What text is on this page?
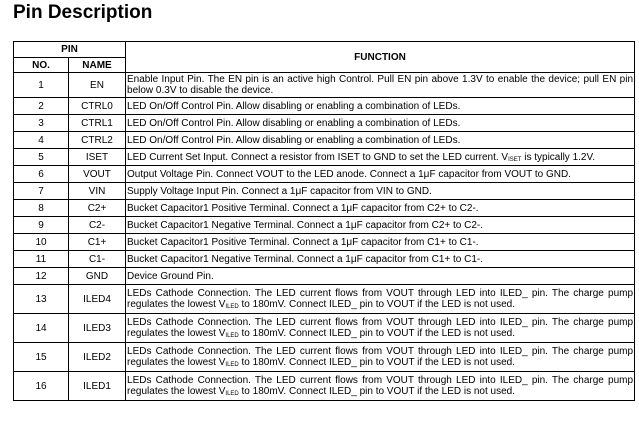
Pin Description
PIN		FUNCTION
NO.	NAME	
1	EN	Enable Input Pin. The EN pin is an active high Control. Pull EN pin above 1.3V to enable the device; pull EN pin below 0.3V to disable the device.
2	CTRL0	LED On/Off Control Pin. Allow disabling or enabling a combination of LEDs.
3	CTRL1	LED On/Off Control Pin. Allow disabling or enabling a combination of LEDs.
4	CTRL2	LED On/Off Control Pin. Allow disabling or enabling a combination of LEDs.
5	ISET	LED Current Set Input. Connect a resistor from ISET to GND to set the LED current. $V_{ISET}$ is typically 1.2V.
6	VOUT	Output Voltage Pin. Connect VOUT to the LED anode. Connect a 1μF capacitor from VOUT to GND.
7	VIN	Supply Voltage Input Pin. Connect a 1μF capacitor from VIN to GND.
8	C2+	Bucket Capacitor1 Positive Terminal. Connect a 1μF capacitor from C2+ to C2-.
9	C2-	Bucket Capacitor1 Negative Terminal. Connect a 1μF capacitor from C2+ to C2-.
10	C1+	Bucket Capacitor1 Positive Terminal. Connect a 1μF capacitor from C1+ to C1-.
11	C1-	Bucket Capacitor1 Negative Terminal. Connect a 1μF capacitor from C1+ to C1-.
12	GND	Device Ground Pin.
13	ILED4	LEDs Cathode Connection. The LED current flows from VOUT through LED into ILED_ pin. The charge pump regulates the lowest $V_{ILED}$ to 180mV. Connect ILED_ pin to VOUT if the LED is not used.
14	ILED3	LEDs Cathode Connection. The LED current flows from VOUT through LED into ILED_ pin. The charge pump regulates the lowest $V_{ILED}$ to 180mV. Connect ILED_ pin to VOUT if the LED is not used.
15	ILED2	LEDs Cathode Connection. The LED current flows from VOUT through LED into ILED_ pin. The charge pump regulates the lowest $V_{ILED}$ to 180mV. Connect ILED_ pin to VOUT if the LED is not used.
16	ILED1	LEDs Cathode Connection. The LED current flows from VOUT through LED into ILED_ pin. The charge pump regulates the lowest $V_{ILED}$ to 180mV. Connect ILED_ pin to VOUT if the LED is not used.
